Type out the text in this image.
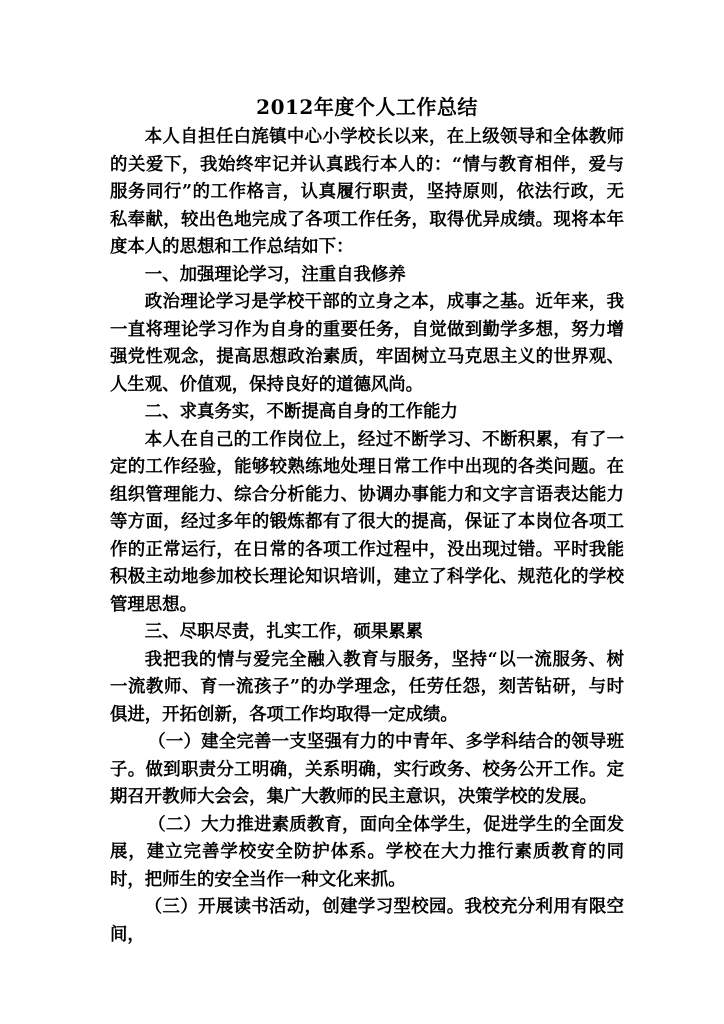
2012年度个人工作总结

本人自担任白旄镇中心小学校长以来，在上级领导和全体教师的关爱下，我始终牢记并认真践行本人的：“情与教育相伴，爱与服务同行”的工作格言，认真履行职责，坚持原则，依法行政，无私奉献，较出色地完成了各项工作任务，取得优异成绩。现将本年度本人的思想和工作总结如下：

一、加强理论学习，注重自我修养

政治理论学习是学校干部的立身之本，成事之基。近年来，我一直将理论学习作为自身的重要任务，自觉做到勤学多想，努力增强党性观念，提高思想政治素质，牢固树立马克思主义的世界观、人生观、价值观，保持良好的道德风尚。

二、求真务实，不断提高自身的工作能力

本人在自己的工作岗位上，经过不断学习、不断积累，有了一定的工作经验，能够较熟练地处理日常工作中出现的各类问题。在组织管理能力、综合分析能力、协调办事能力和文字言语表达能力等方面，经过多年的锻炼都有了很大的提高，保证了本岗位各项工作的正常运行，在日常的各项工作过程中，没出现过错。平时我能积极主动地参加校长理论知识培训，建立了科学化、规范化的学校管理思想。

三、尽职尽责，扎实工作，硕果累累

我把我的情与爱完全融入教育与服务，坚持“以一流服务、树一流教师、育一流孩子”的办学理念，任劳任怨，刻苦钻研，与时俱进，开拓创新，各项工作均取得一定成绩。

（一）建全完善一支坚强有力的中青年、多学科结合的领导班子。做到职责分工明确，关系明确，实行政务、校务公开工作。定期召开教师大会会，集广大教师的民主意识，决策学校的发展。

（二）大力推进素质教育，面向全体学生，促进学生的全面发展，建立完善学校安全防护体系。学校在大力推行素质教育的同时，把师生的安全当作一种文化来抓。

（三）开展读书活动，创建学习型校园。我校充分利用有限空间，
